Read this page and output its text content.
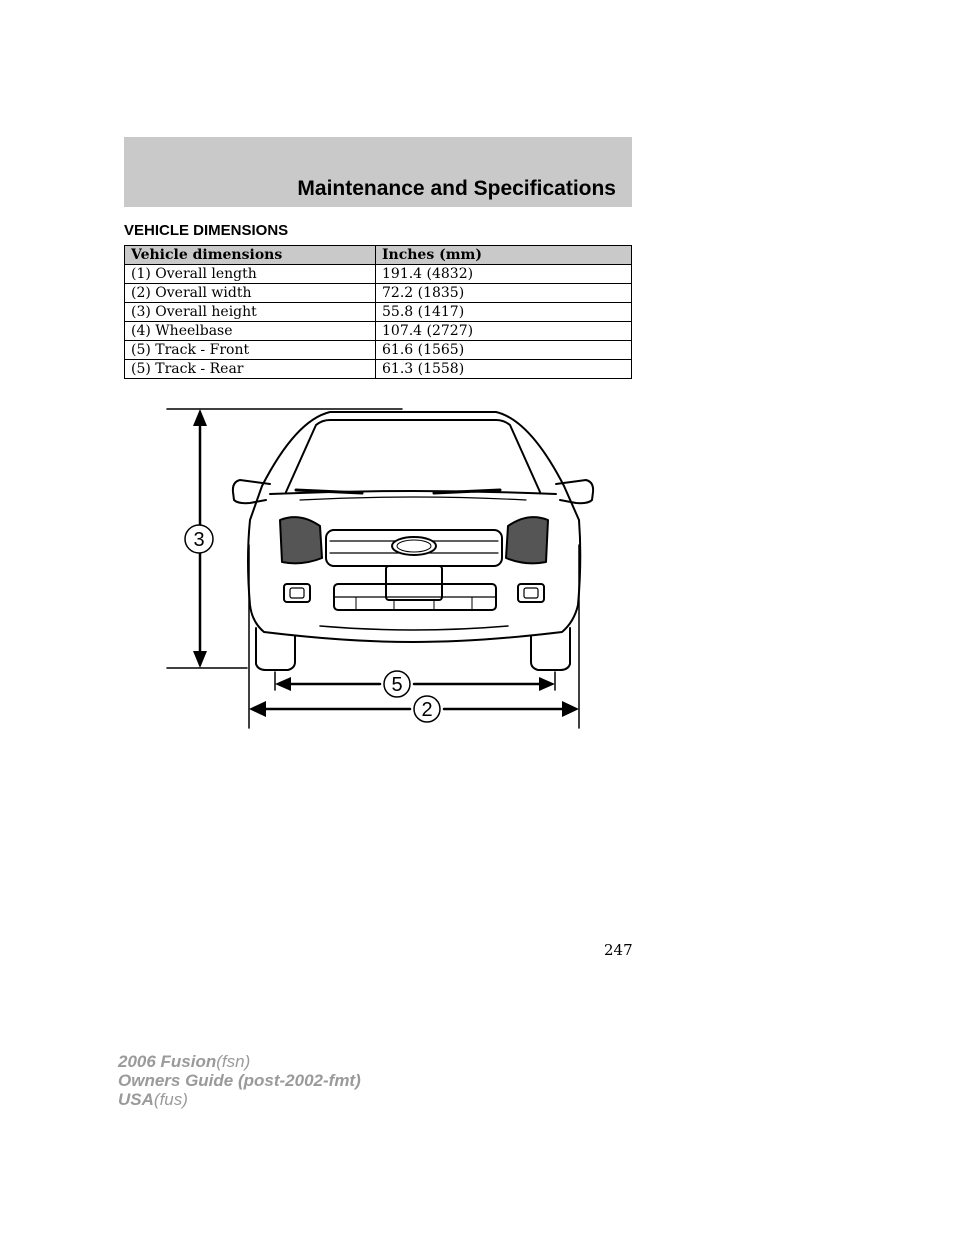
Maintenance and Specifications
VEHICLE DIMENSIONS
Vehicle dimensions	Inches (mm)
(1) Overall length	191.4 (4832)
(2) Overall width	72.2 (1835)
(3) Overall height	55.8 (1417)
(4) Wheelbase	107.4 (2727)
(5) Track - Front	61.6 (1565)
(5) Track - Rear	61.3 (1558)
3
5
2
247
2006 Fusion(fsn)
Owners Guide (post-2002-fmt)
USA(fus)
